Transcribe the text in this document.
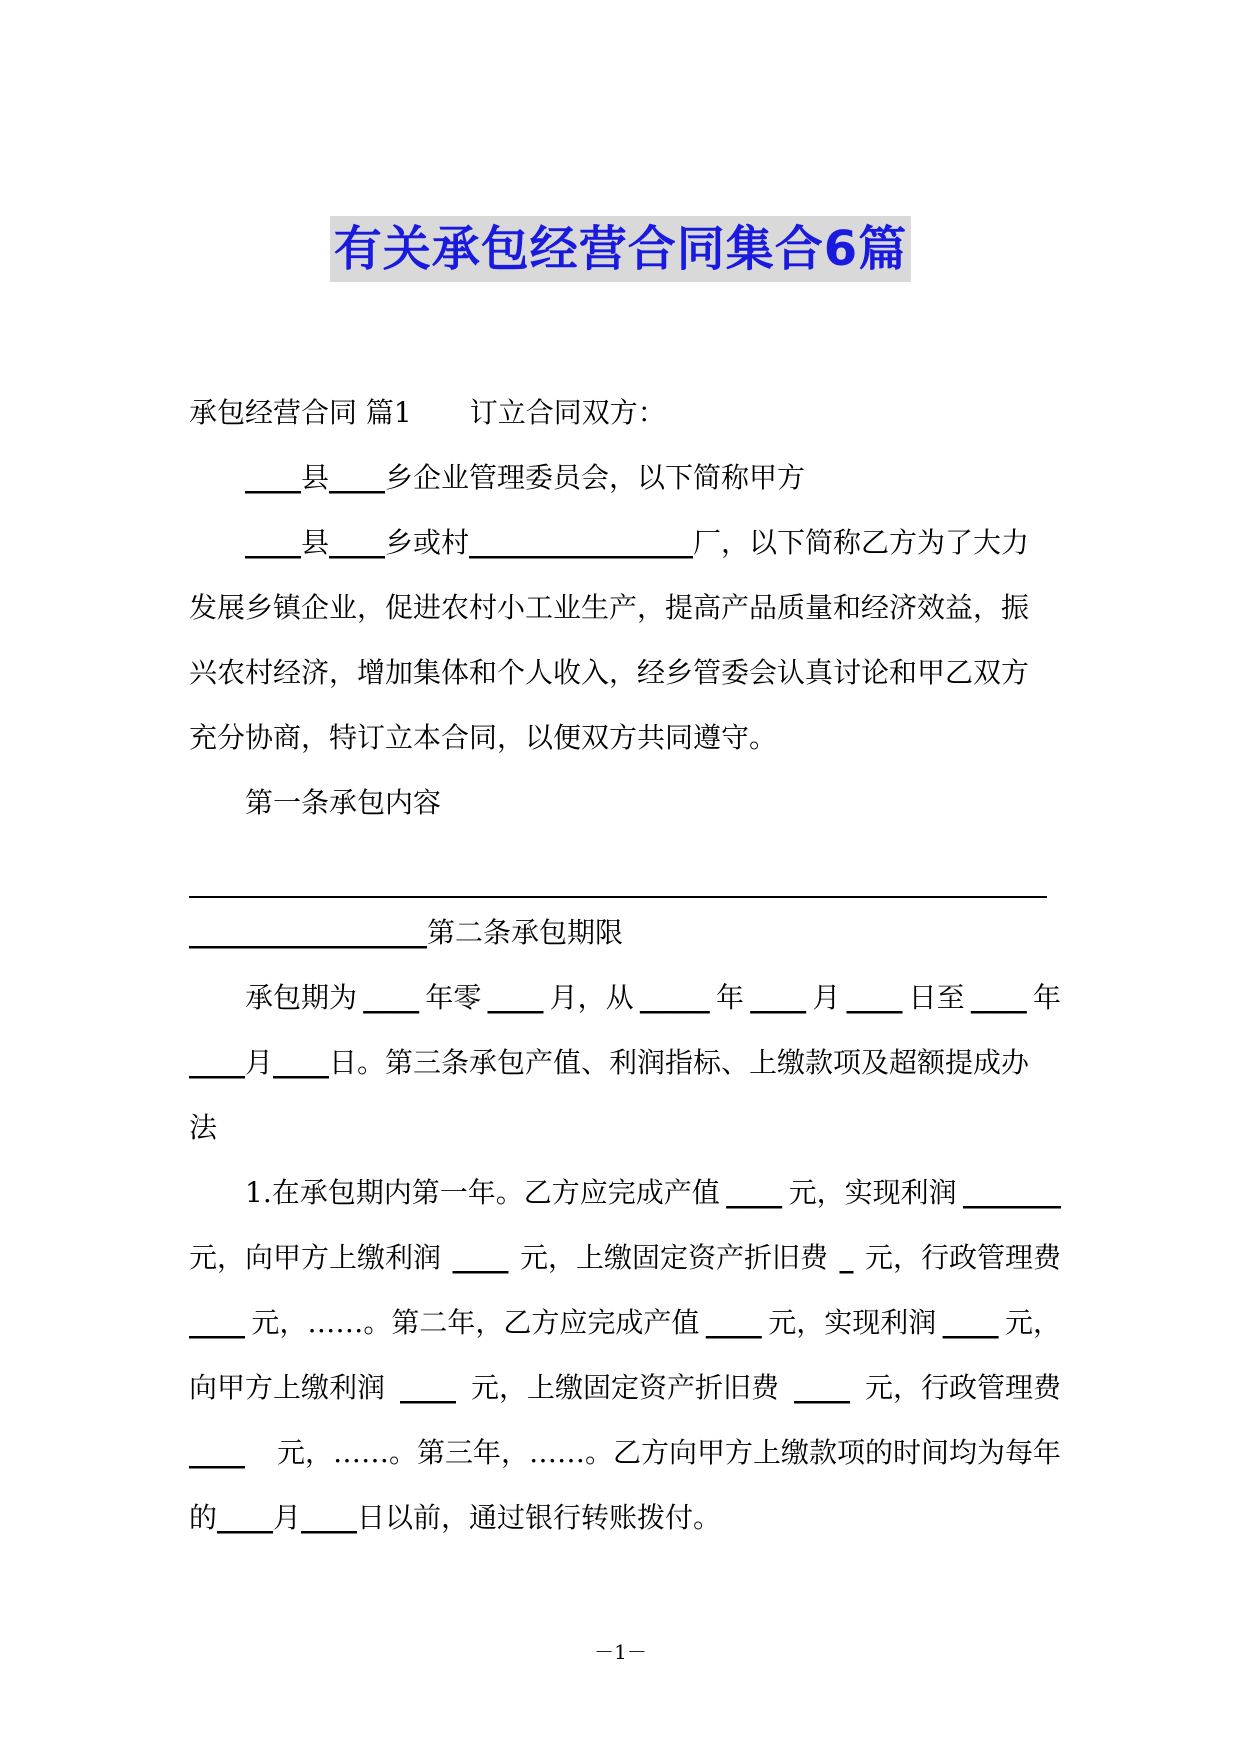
有关承包经营合同集合6篇
承包经营合同 篇1 订立合同双方：
____县____乡企业管理委员会，以下简称甲方
____县____乡或村________________厂，以下简称乙方为了大力
发展乡镇企业，促进农村小工业生产，提高产品质量和经济效益，振
兴农村经济，增加集体和个人收入，经乡管委会认真讨论和甲乙双方
充分协商，特订立本合同，以便双方共同遵守。
第一条承包内容
_________________第二条承包期限
承包期为 ____ 年零 ____ 月，从 _____ 年 ____ 月 ____ 日至 ____ 年
____月____日。第三条承包产值、利润指标、上缴款项及超额提成办
法
1.在承包期内第一年。乙方应完成产值 ____ 元，实现利润 _______
元，向甲方上缴利润 ____ 元，上缴固定资产折旧费 _ 元，行政管理费
____ 元，……。第二年，乙方应完成产值 ____ 元，实现利润 ____ 元，
向甲方上缴利润 ____ 元，上缴固定资产折旧费 ____ 元，行政管理费
____ 元，……。第三年，……。乙方向甲方上缴款项的时间均为每年
的____月____日以前，通过银行转账拨付。
－1－
